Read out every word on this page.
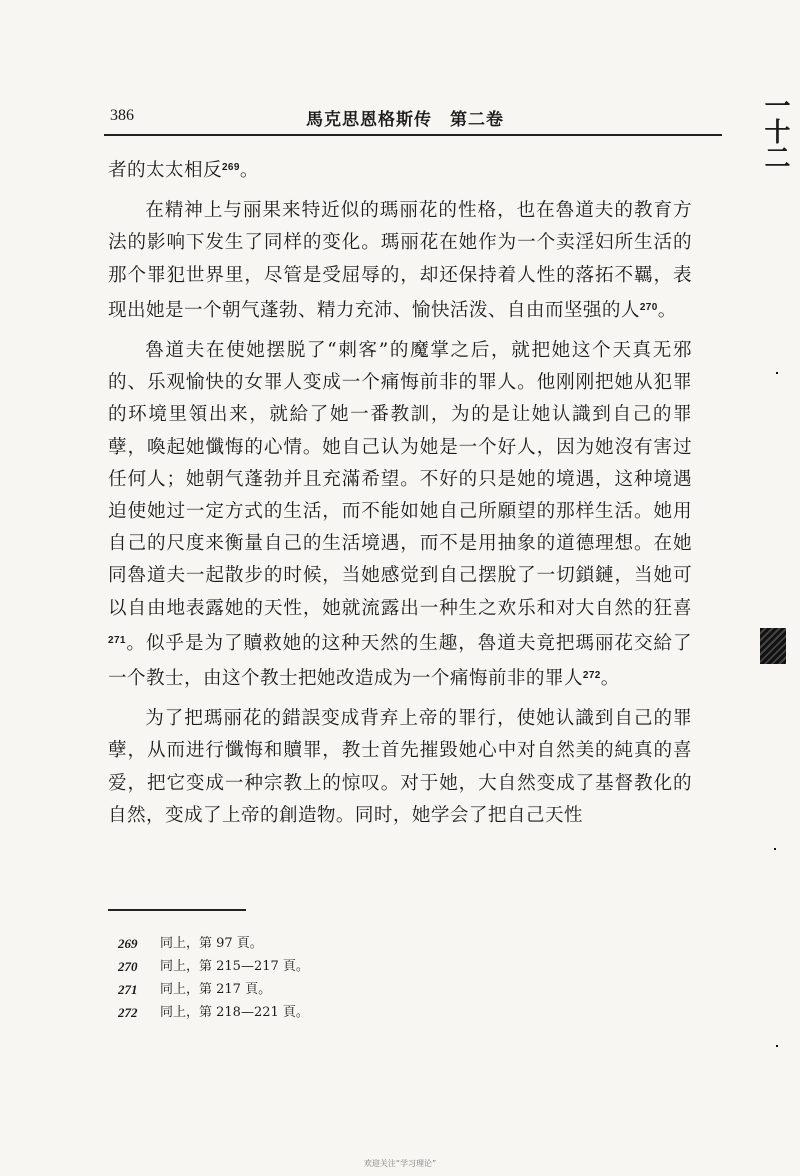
386	馬克思恩格斯传　第二卷	一十二

者的太太相反$^{269}$。

在精神上与丽果来特近似的瑪丽花的性格，也在魯道夫的教育方法的影响下发生了同样的变化。瑪丽花在她作为一个卖淫妇所生活的那个罪犯世界里，尽管是受屈辱的，却还保持着人性的落拓不羈，表现出她是一个朝气蓬勃、精力充沛、愉快活泼、自由而坚强的人$^{270}$。

魯道夫在使她摆脱了“刺客”的魔掌之后，就把她这个天真无邪的、乐观愉快的女罪人变成一个痛悔前非的罪人。他刚刚把她从犯罪的环境里領出来，就給了她一番教訓，为的是让她认識到自己的罪孽，喚起她懺悔的心情。她自己认为她是一个好人，因为她沒有害过任何人；她朝气蓬勃并且充滿希望。不好的只是她的境遇，这种境遇迫使她过一定方式的生活，而不能如她自己所願望的那样生活。她用自己的尺度来衡量自己的生活境遇，而不是用抽象的道德理想。在她同魯道夫一起散步的时候，当她感觉到自己摆脫了一切鎖鏈，当她可以自由地表露她的天性，她就流露出一种生之欢乐和对大自然的狂喜$^{271}$。似乎是为了贖救她的这种天然的生趣，魯道夫竟把瑪丽花交給了一个教士，由这个教士把她改造成为一个痛悔前非的罪人$^{272}$。

为了把瑪丽花的錯誤变成背弃上帝的罪行，使她认識到自己的罪孽，从而进行懺悔和贖罪，教士首先摧毀她心中对自然美的純真的喜爱，把它变成一种宗教上的惊叹。对于她，大自然变成了基督教化的自然，变成了上帝的創造物。同时，她学会了把自己天性

269	同上，第 97 頁。
270	同上，第 215—217 頁。
271	同上，第 217 頁。
272	同上，第 218—221 頁。
欢迎关注“学习理论”
